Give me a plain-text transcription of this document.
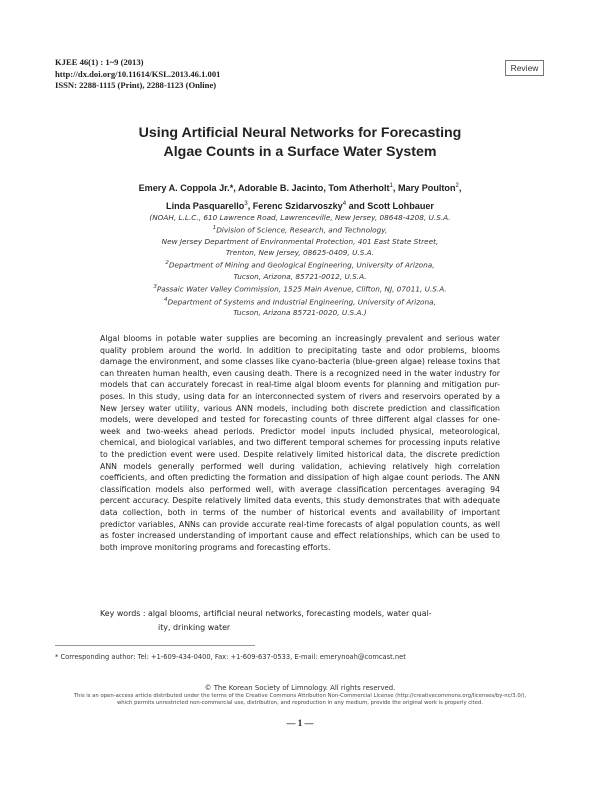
KJEE 46(1) : 1~9 (2013)
http://dx.doi.org/10.11614/KSL.2013.46.1.001
ISSN: 2288-1115 (Print), 2288-1123 (Online)
Review
Using Artificial Neural Networks for Forecasting
Algae Counts in a Surface Water System
Emery A. Coppola Jr.*, Adorable B. Jacinto, Tom Atherholt$^1$, Mary Poulton$^2$,
Linda Pasquarello$^3$, Ferenc Szidarvoszky$^4$ and Scott Lohbauer
(NOAH, L.L.C., 610 Lawrence Road, Lawrenceville, New Jersey, 08648-4208, U.S.A.
$^1$Division of Science, Research, and Technology,
New Jersey Department of Environmental Protection, 401 East State Street,
Trenton, New Jersey, 08625-0409, U.S.A.
$^2$Department of Mining and Geological Engineering, University of Arizona,
Tucson, Arizona, 85721-0012, U.S.A.
$^3$Passaic Water Valley Commission, 1525 Main Avenue, Clifton, NJ, 07011, U.S.A.
$^4$Department of Systems and Industrial Engineering, University of Arizona,
Tucson, Arizona 85721-0020, U.S.A.)

Algal blooms in potable water supplies are becoming an increasingly prevalent and serious water quality problem around the world. In addition to precipitating taste and odor problems, blooms damage the environment, and some classes like cyano-bacteria (blue-green algae) release toxins that can threaten human health, even causing death. There is a recognized need in the water industry for models that can accurately forecast in real-time algal bloom events for planning and mitigation pur-poses. In this study, using data for an interconnected system of rivers and reservoirs operated by a New Jersey water utility, various ANN models, including both discrete prediction and classification models, were developed and tested for forecasting counts of three different algal classes for one-week and two-weeks ahead periods. Predictor model inputs included physical, meteorological, chemical, and biological variables, and two different temporal schemes for processing inputs relative to the prediction event were used. Despite relatively limited historical data, the discrete prediction ANN models generally performed well during validation, achieving relatively high correlation coefficients, and often predicting the formation and dissipation of high algae count periods. The ANN classification models also performed well, with average classification percentages averaging 94 percent accuracy. Despite relatively limited data events, this study demonstrates that with adequate data collection, both in terms of the number of historical events and availability of important predictor variables, ANNs can provide accurate real-time forecasts of algal population counts, as well as foster increased understanding of important cause and effect relationships, which can be used to both improve monitoring programs and forecasting efforts.

Key words : algal blooms, artificial neural networks, forecasting models, water qual-
ity, drinking water
* Corresponding author: Tel: +1-609-434-0400, Fax: +1-609-637-0533, E-mail: emerynoah@comcast.net
© The Korean Society of Limnology. All rights reserved.
This is an open-access article distributed under the terms of the Creative Commons Attribution Non-Commercial License (http://creativecommons.org/licenses/by-nc/3.0/),
which permits unrestricted non-commercial use, distribution, and reproduction in any medium, provide the original work is properly cited.
— 1 —
